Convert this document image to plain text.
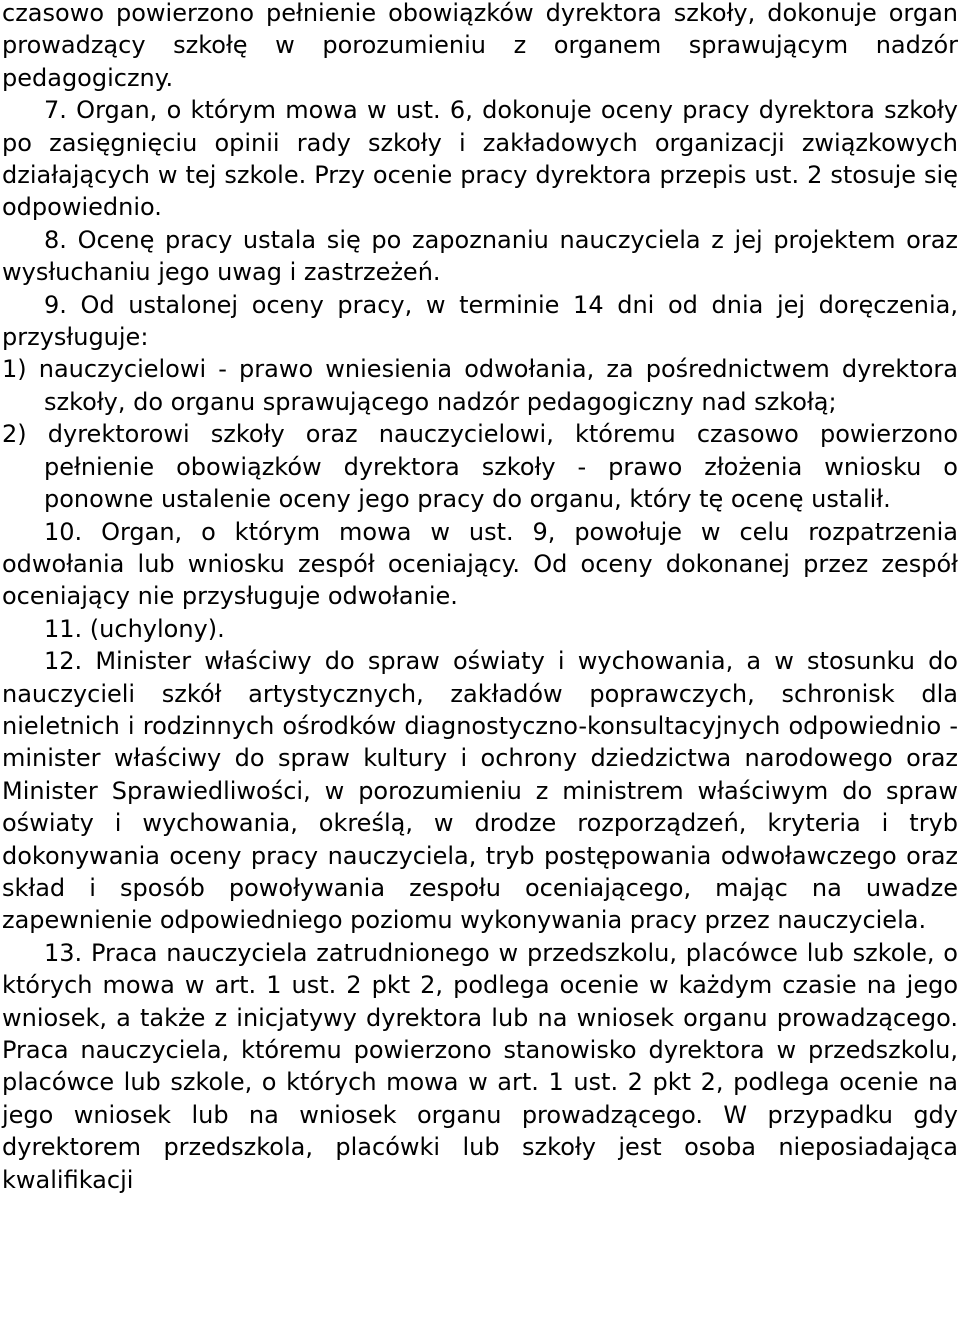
czasowo powierzono pełnienie obowiązków dyrektora szkoły, dokonuje organ prowadzący szkołę w porozumieniu z organem sprawującym nadzór pedagogiczny.

7. Organ, o którym mowa w ust. 6, dokonuje oceny pracy dyrektora szkoły po zasięgnięciu opinii rady szkoły i zakładowych organizacji związkowych działających w tej szkole. Przy ocenie pracy dyrektora przepis ust. 2 stosuje się odpowiednio.

8. Ocenę pracy ustala się po zapoznaniu nauczyciela z jej projektem oraz wysłuchaniu jego uwag i zastrzeżeń.

9. Od ustalonej oceny pracy, w terminie 14 dni od dnia jej doręczenia, przysługuje:

1) nauczycielowi - prawo wniesienia odwołania, za pośrednictwem dyrektora szkoły, do organu sprawującego nadzór pedagogiczny nad szkołą;

2) dyrektorowi szkoły oraz nauczycielowi, któremu czasowo powierzono pełnienie obowiązków dyrektora szkoły - prawo złożenia wniosku o ponowne ustalenie oceny jego pracy do organu, który tę ocenę ustalił.

10. Organ, o którym mowa w ust. 9, powołuje w celu rozpatrzenia odwołania lub wniosku zespół oceniający. Od oceny dokonanej przez zespół oceniający nie przysługuje odwołanie.

11. (uchylony).

12. Minister właściwy do spraw oświaty i wychowania, a w stosunku do nauczycieli szkół artystycznych, zakładów poprawczych, schronisk dla nieletnich i rodzinnych ośrodków diagnostyczno-konsultacyjnych odpowiednio - minister właściwy do spraw kultury i ochrony dziedzictwa narodowego oraz Minister Sprawiedliwości, w porozumieniu z ministrem właściwym do spraw oświaty i wychowania, określą, w drodze rozporządzeń, kryteria i tryb dokonywania oceny pracy nauczyciela, tryb postępowania odwoławczego oraz skład i sposób powoływania zespołu oceniającego, mając na uwadze zapewnienie odpowiedniego poziomu wykonywania pracy przez nauczyciela.

13. Praca nauczyciela zatrudnionego w przedszkolu, placówce lub szkole, o których mowa w art. 1 ust. 2 pkt 2, podlega ocenie w każdym czasie na jego wniosek, a także z inicjatywy dyrektora lub na wniosek organu prowadzącego. Praca nauczyciela, któremu powierzono stanowisko dyrektora w przedszkolu, placówce lub szkole, o których mowa w art. 1 ust. 2 pkt 2, podlega ocenie na jego wniosek lub na wniosek organu prowadzącego. W przypadku gdy dyrektorem przedszkola, placówki lub szkoły jest osoba nieposiadająca kwalifikacji
